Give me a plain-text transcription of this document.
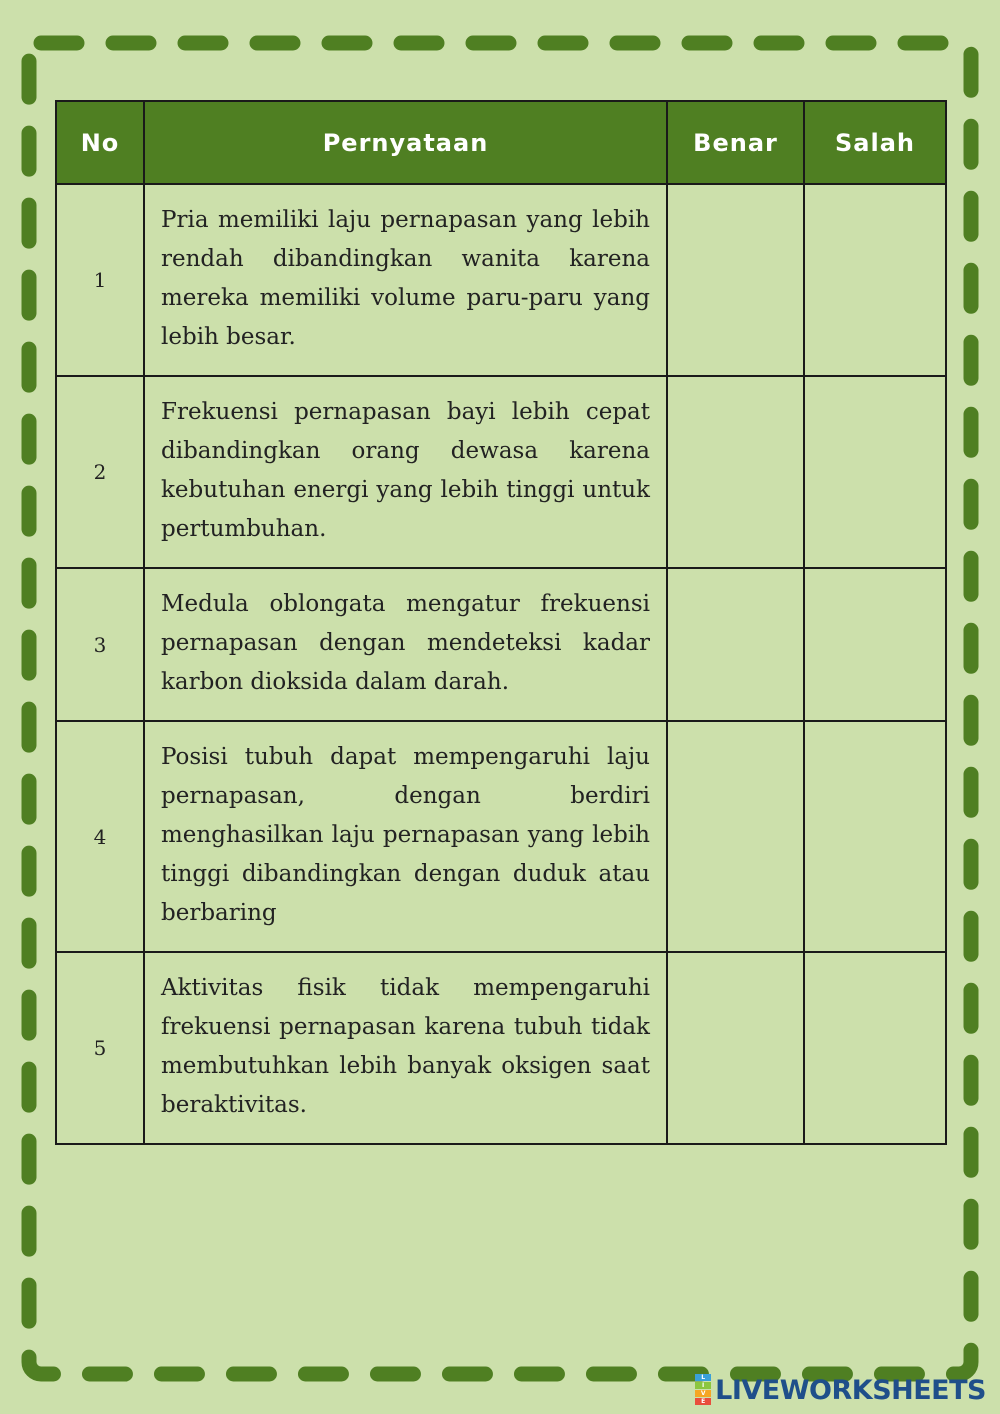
No	Pernyataan	Benar	Salah
1	Pria memiliki laju pernapasan yang lebih rendah dibandingkan wanita karena mereka memiliki volume paru-paru yang lebih besar.		
2	Frekuensi pernapasan bayi lebih cepat dibandingkan orang dewasa karena kebutuhan energi yang lebih tinggi untuk pertumbuhan.		
3	Medula oblongata mengatur frekuensi pernapasan dengan mendeteksi kadar karbon dioksida dalam darah.		
4	Posisi tubuh dapat mempengaruhi laju pernapasan, dengan berdiri menghasilkan laju pernapasan yang lebih tinggi dibandingkan dengan duduk atau berbaring		
5	Aktivitas fisik tidak mempengaruhi frekuensi pernapasan karena tubuh tidak membutuhkan lebih banyak oksigen saat beraktivitas.		
L
I
V
E LIVEWORKSHEETS
